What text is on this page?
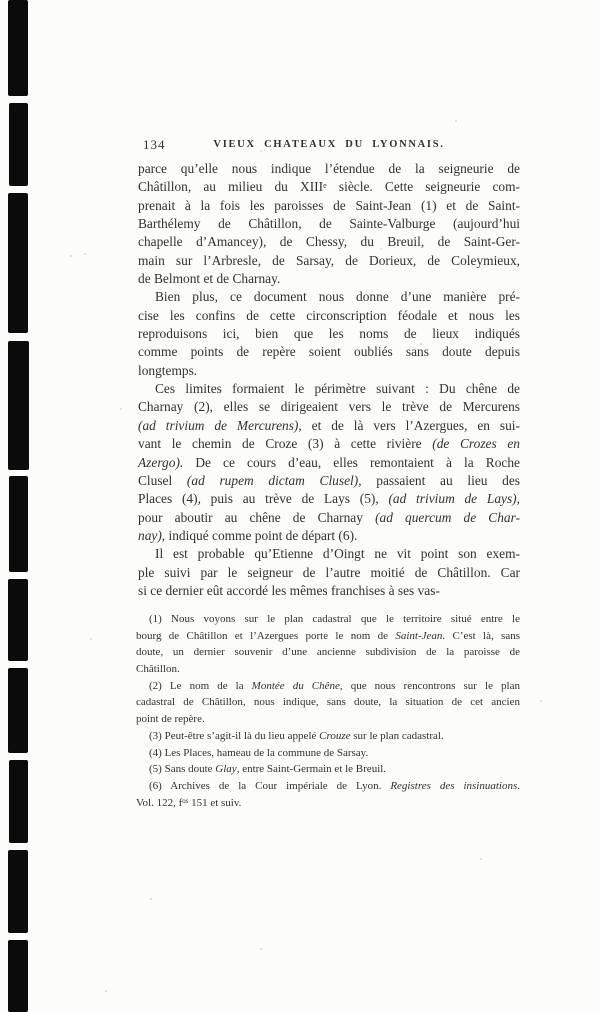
134	VIEUX CHATEAUX DU LYONNAIS.
parce qu’elle nous indique l’étendue de la seigneurie de
Châtillon, au milieu du XIIIe siècle. Cette seigneurie com-
prenait à la fois les paroisses de Saint-Jean (1) et de Saint-
Barthélemy de Châtillon, de Sainte-Valburge (aujourd’hui
chapelle d’Amancey), de Chessy, du Breuil, de Saint-Ger-
main sur l’Arbresle, de Sarsay, de Dorieux, de Coleymieux,
de Belmont et de Charnay.
Bien plus, ce document nous donne d’une manière pré-
cise les confins de cette circonscription féodale et nous les
reproduisons ici, bien que les noms de lieux indiqués
comme points de repère soient oubliés sans doute depuis
longtemps.
Ces limites formaient le périmètre suivant : Du chêne de
Charnay (2), elles se dirigeaient vers le trève de Mercurens
(ad trivium de Mercurens), et de là vers l’Azergues, en sui-
vant le chemin de Croze (3) à cette rivière (de Crozes en
Azergo). De ce cours d’eau, elles remontaient à la Roche
Clusel (ad rupem dictam Clusel), passaient au lieu des
Places (4), puis au trève de Lays (5), (ad trivium de Lays),
pour aboutir au chêne de Charnay (ad quercum de Char-
nay), indiqué comme point de départ (6).
Il est probable qu’Etienne d’Oingt ne vit point son exem-
ple suivi par le seigneur de l’autre moitié de Châtillon. Car
si ce dernier eût accordé les mêmes franchises à ses vas-
(1) Nous voyons sur le plan cadastral que le territoire situé entre le
bourg de Châtillon et l’Azergues porte le nom de Saint-Jean. C’est là, sans
doute, un dernier souvenir d’une ancienne subdivision de la paroisse de
Châtillon.
(2) Le nom de la Montée du Chêne, que nous rencontrons sur le plan
cadastral de Châtillon, nous indique, sans doute, la situation de cet ancien
point de repère.
(3) Peut-être s’agit-il là du lieu appelé Crouze sur le plan cadastral.
(4) Les Places, hameau de la commune de Sarsay.
(5) Sans doute Glay, entre Saint-Germain et le Breuil.
(6) Archives de la Cour impériale de Lyon. Registres des insinuations.
Vol. 122, $f^{os}$ 151 et suiv.
